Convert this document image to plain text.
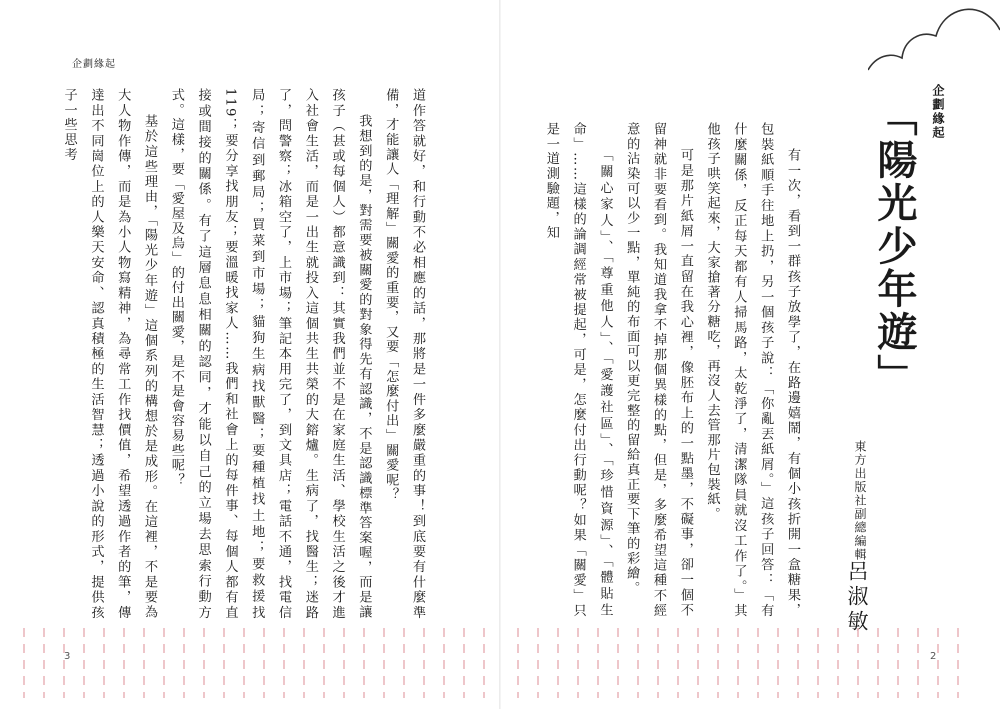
企劃緣起

道作答就好，和行動不必相應的話，那將是一件多麼嚴重的事！到底要有什麼準備，才能讓人「理解」關愛的重要，又要「怎麼付出」關愛呢？

我想到的是，對需要被關愛的對象得先有認識，不是認識標準答案喔，而是讓孩子（甚或每個人）都意識到：其實我們並不是在家庭生活、學校生活之後才進入社會生活，而是一出生就投入這個共生共榮的大鎔爐。生病了，找醫生；迷路了，問警察；冰箱空了，上市場；筆記本用完了，到文具店；電話不通，找電信局；寄信到郵局；買菜到市場；貓狗生病找獸醫；要種植找土地；要救援找119；要分享找朋友；要溫暖找家人……我們和社會上的每件事、每個人都有直接或間接的關係。有了這層息息相關的認同，才能以自己的立場去思索行動方式。這樣，要「愛屋及烏」的付出關愛，是不是會容易些呢？

基於這些理由，「陽光少年遊」這個系列的構想於是成形。在這裡，不是要為大人物作傳，而是為小人物寫精神，為尋常工作找價值，希望透過作者的筆，傳達出不同崗位上的人樂天安命、認真積極的生活智慧；透過小說的形式，提供孩子一些思考

3
企劃緣起
「陽光少年遊」
東方出版社副總編輯
呂淑敏

有一次，看到一群孩子放學了，在路邊嬉鬧，有個小孩折開一盒糖果，包裝紙順手往地上扔，另一個孩子說：「你亂丟紙屑。」這孩子回答：「有什麼關係，反正每天都有人掃馬路，太乾淨了，清潔隊員就沒工作了。」其他孩子哄笑起來，大家搶著分糖吃，再沒人去管那片包裝紙。

可是那片紙屑一直留在我心裡，像胚布上的一點墨，不礙事，卻一個不留神就非要看到。我知道我拿不掉那個異樣的點，但是，多麼希望這種不經意的沾染可以少一點，單純的布面可以更完整的留給真正要下筆的彩繪。

「關心家人」、「尊重他人」、「愛護社區」、「珍惜資源」、「體貼生命」……這樣的論調經常被提起，可是，怎麼付出行動呢？如果「關愛」只是一道測驗題，知

2
